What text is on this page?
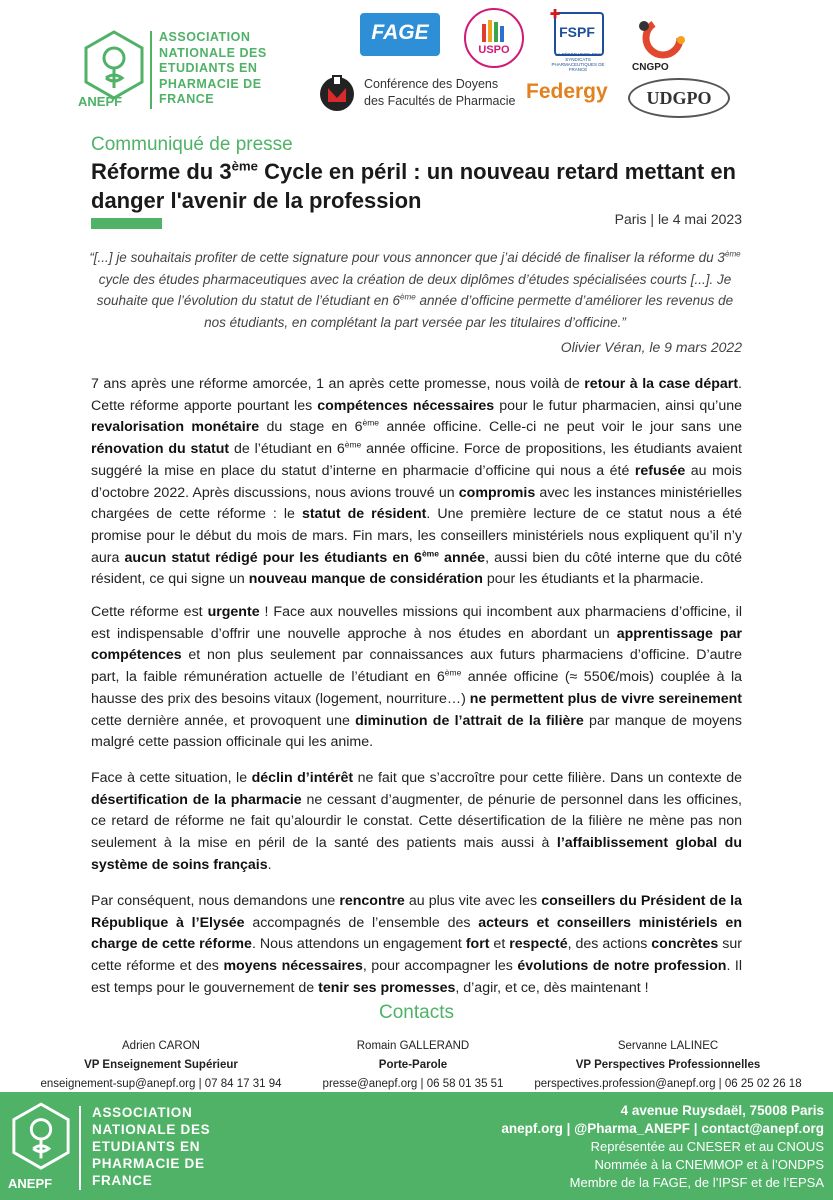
ANEPF
ASSOCIATION NATIONALE DES ETUDIANTS EN PHARMACIE DE FRANCE
FAGE
USPO
✚
FSPF
LA FÉDÉRATION DES SYNDICATS PHARMACEUTIQUES DE FRANCE	CNGPO
Conférence des Doyens
des Facultés de Pharmacie Federgy	UDGPO
Communiqué de presse
Réforme du 3ème Cycle en péril : un nouveau retard mettant en danger l'avenir de la profession
Paris | le 4 mai 2023
“[...] je souhaitais profiter de cette signature pour vous annoncer que j’ai décidé de finaliser la réforme du 3ème cycle des études pharmaceutiques avec la création de deux diplômes d’études spécialisées courts [...]. Je souhaite que l’évolution du statut de l’étudiant en 6ème année d’officine permette d’améliorer les revenus de nos étudiants, en complétant la part versée par les titulaires d’officine.”
Olivier Véran, le 9 mars 2022
7 ans après une réforme amorcée, 1 an après cette promesse, nous voilà de retour à la case départ. Cette réforme apporte pourtant les compétences nécessaires pour le futur pharmacien, ainsi qu’une revalorisation monétaire du stage en 6ème année officine. Celle-ci ne peut voir le jour sans une rénovation du statut de l’étudiant en 6ème année officine. Force de propositions, les étudiants avaient suggéré la mise en place du statut d’interne en pharmacie d’officine qui nous a été refusée au mois d’octobre 2022. Après discussions, nous avions trouvé un compromis avec les instances ministérielles chargées de cette réforme : le statut de résident. Une première lecture de ce statut nous a été promise pour le début du mois de mars. Fin mars, les conseillers ministériels nous expliquent qu’il n’y aura aucun statut rédigé pour les étudiants en 6ème année, aussi bien du côté interne que du côté résident, ce qui signe un nouveau manque de considération pour les étudiants et la pharmacie.
Cette réforme est urgente ! Face aux nouvelles missions qui incombent aux pharmaciens d’officine, il est indispensable d’offrir une nouvelle approche à nos études en abordant un apprentissage par compétences et non plus seulement par connaissances aux futurs pharmaciens d’officine. D’autre part, la faible rémunération actuelle de l’étudiant en 6ème année officine (≈ 550€/mois) couplée à la hausse des prix des besoins vitaux (logement, nourriture…) ne permettent plus de vivre sereinement cette dernière année, et provoquent une diminution de l’attrait de la filière par manque de moyens malgré cette passion officinale qui les anime.
Face à cette situation, le déclin d’intérêt ne fait que s’accroître pour cette filière. Dans un contexte de désertification de la pharmacie ne cessant d’augmenter, de pénurie de personnel dans les officines, ce retard de réforme ne fait qu’alourdir le constat. Cette désertification de la filière ne mène pas non seulement à la mise en péril de la santé des patients mais aussi à l’affaiblissement global du système de soins français.
Par conséquent, nous demandons une rencontre au plus vite avec les conseillers du Président de la République à l’Elysée accompagnés de l’ensemble des acteurs et conseillers ministériels en charge de cette réforme. Nous attendons un engagement fort et respecté, des actions concrètes sur cette réforme et des moyens nécessaires, pour accompagner les évolutions de notre profession. Il est temps pour le gouvernement de tenir ses promesses, d’agir, et ce, dès maintenant !
Contacts
Adrien CARON
VP Enseignement Supérieur
enseignement-sup@anepf.org | 07 84 17 31 94
Romain GALLERAND
Porte-Parole
presse@anepf.org | 06 58 01 35 51
Servanne LALINEC
VP Perspectives Professionnelles
perspectives.profession@anepf.org | 06 25 02 26 18
ANEPF
ASSOCIATION NATIONALE DES ETUDIANTS EN PHARMACIE DE FRANCE
4 avenue Ruysdaël, 75008 Paris
anepf.org | @Pharma_ANEPF | contact@anepf.org
Représentée au CNESER et au CNOUS
Nommée à la CNEMMOP et à l’ONDPS
Membre de la FAGE, de l’IPSF et de l’EPSA
